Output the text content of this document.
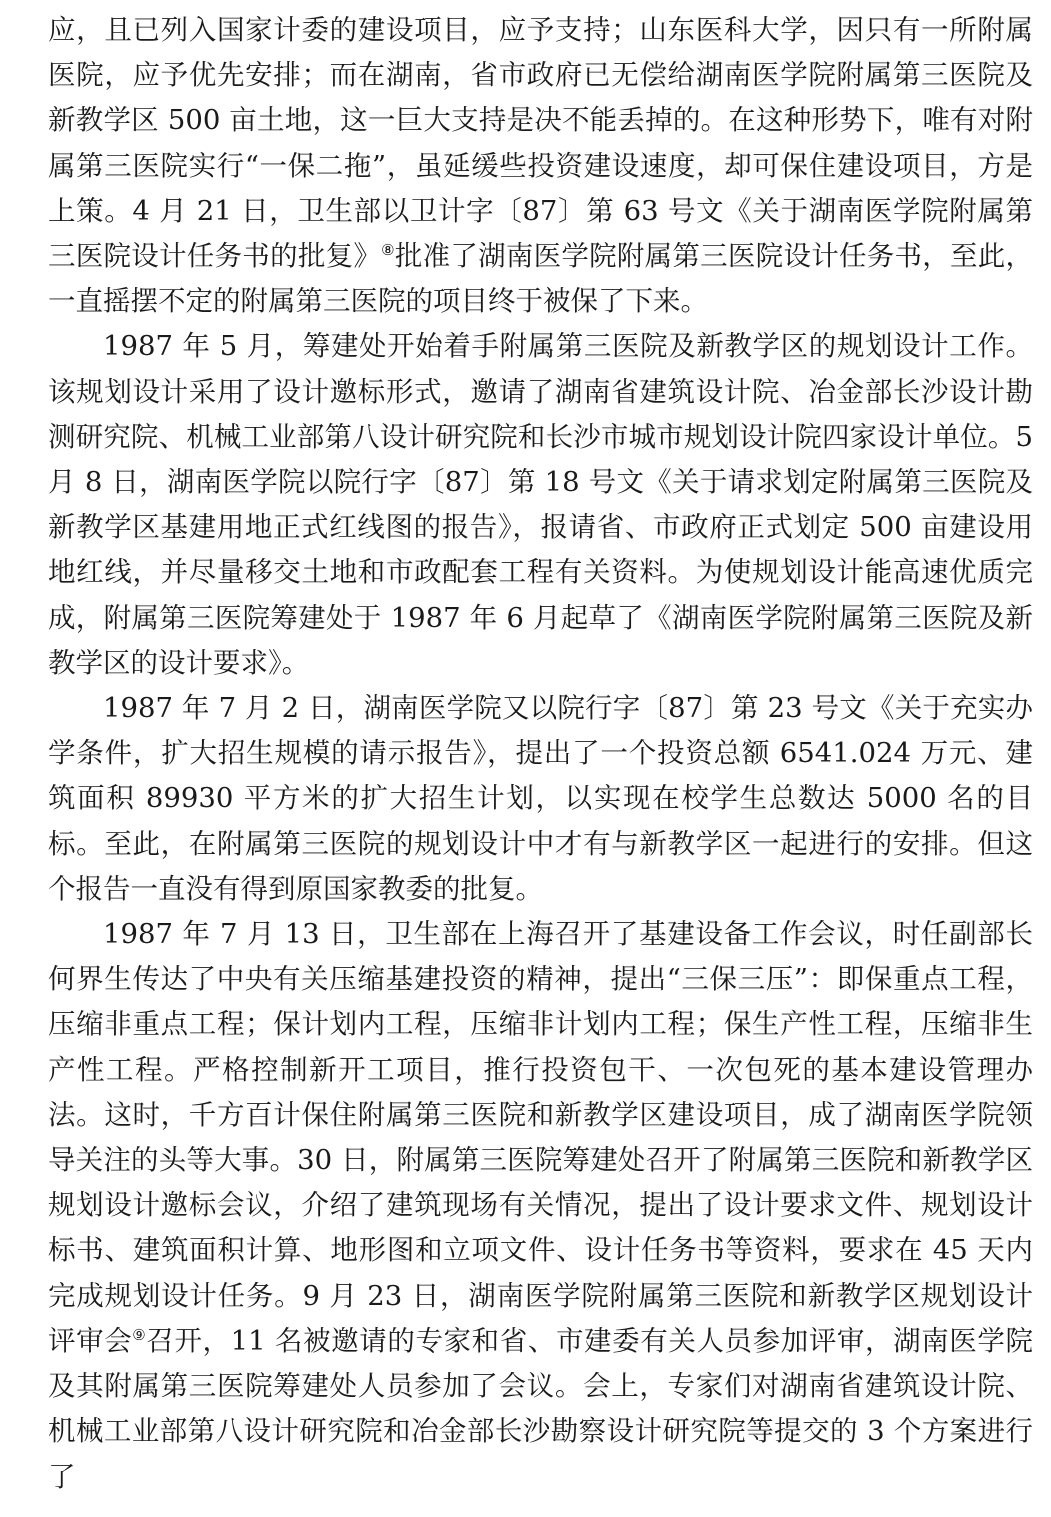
应，且已列入国家计委的建设项目，应予支持；山东医科大学，因只有一所附属医院，应予优先安排；而在湖南，省市政府已无偿给湖南医学院附属第三医院及新教学区 500 亩土地，这一巨大支持是决不能丢掉的。在这种形势下，唯有对附属第三医院实行“一保二拖”，虽延缓些投资建设速度，却可保住建设项目，方是上策。4 月 21 日，卫生部以卫计字〔87〕第 63 号文《关于湖南医学院附属第三医院设计任务书的批复》⑧批准了湖南医学院附属第三医院设计任务书，至此，一直摇摆不定的附属第三医院的项目终于被保了下来。

1987 年 5 月，筹建处开始着手附属第三医院及新教学区的规划设计工作。该规划设计采用了设计邀标形式，邀请了湖南省建筑设计院、冶金部长沙设计勘测研究院、机械工业部第八设计研究院和长沙市城市规划设计院四家设计单位。5 月 8 日，湖南医学院以院行字〔87〕第 18 号文《关于请求划定附属第三医院及新教学区基建用地正式红线图的报告》，报请省、市政府正式划定 500 亩建设用地红线，并尽量移交土地和市政配套工程有关资料。为使规划设计能高速优质完成，附属第三医院筹建处于 1987 年 6 月起草了《湖南医学院附属第三医院及新教学区的设计要求》。

1987 年 7 月 2 日，湖南医学院又以院行字〔87〕第 23 号文《关于充实办学条件，扩大招生规模的请示报告》，提出了一个投资总额 6541.024 万元、建筑面积 89930 平方米的扩大招生计划，以实现在校学生总数达 5000 名的目标。至此，在附属第三医院的规划设计中才有与新教学区一起进行的安排。但这个报告一直没有得到原国家教委的批复。

1987 年 7 月 13 日，卫生部在上海召开了基建设备工作会议，时任副部长何界生传达了中央有关压缩基建投资的精神，提出“三保三压”：即保重点工程，压缩非重点工程；保计划内工程，压缩非计划内工程；保生产性工程，压缩非生产性工程。严格控制新开工项目，推行投资包干、一次包死的基本建设管理办法。这时，千方百计保住附属第三医院和新教学区建设项目，成了湖南医学院领导关注的头等大事。30 日，附属第三医院筹建处召开了附属第三医院和新教学区规划设计邀标会议，介绍了建筑现场有关情况，提出了设计要求文件、规划设计标书、建筑面积计算、地形图和立项文件、设计任务书等资料，要求在 45 天内完成规划设计任务。9 月 23 日，湖南医学院附属第三医院和新教学区规划设计评审会⑨召开，11 名被邀请的专家和省、市建委有关人员参加评审，湖南医学院及其附属第三医院筹建处人员参加了会议。会上，专家们对湖南省建筑设计院、机械工业部第八设计研究院和冶金部长沙勘察设计研究院等提交的 3 个方案进行了
